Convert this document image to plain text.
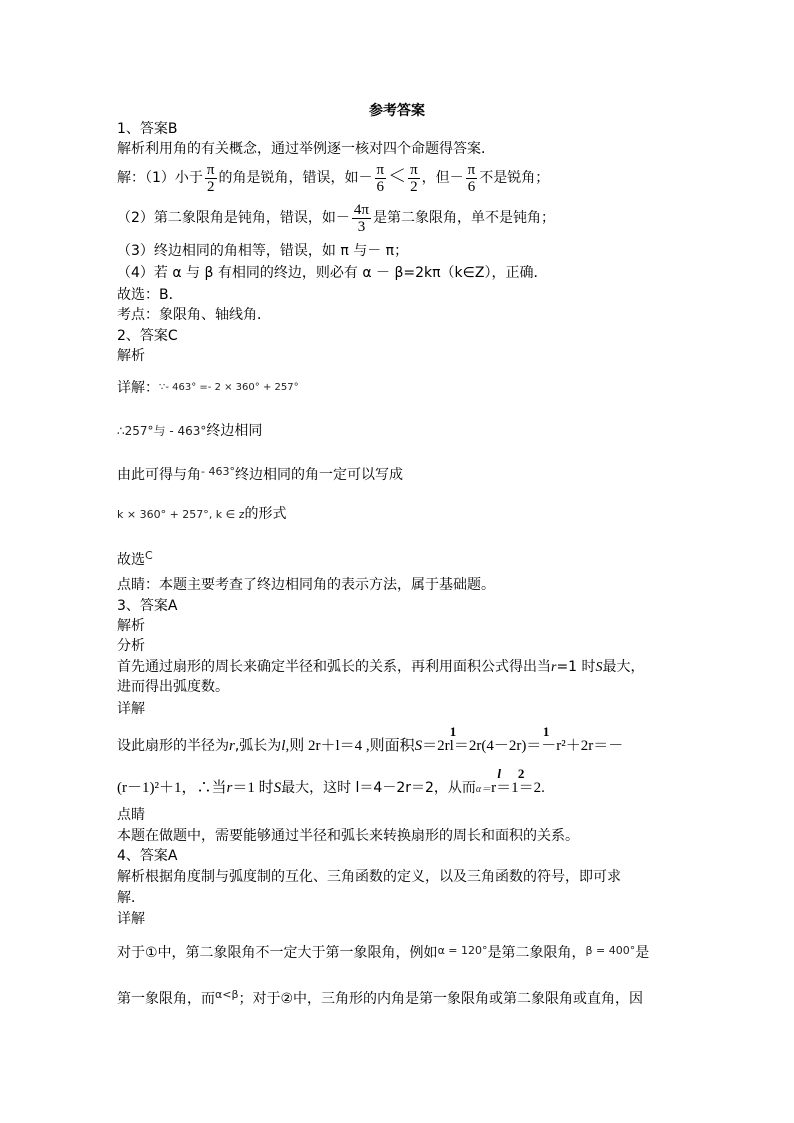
参考答案
1、答案B
解析利用角的有关概念，通过举例逐一核对四个命题得答案．
解：（1）小于 $\frac{\pi}{2}$ 的角是锐角，错误，如－ $\frac{\pi}{6} < \frac{\pi}{2}$ ，但－ $\frac{\pi}{6}$ 不是锐角；
（2）第二象限角是钝角，错误，如－ $\frac{4\pi}{3}$ 是第二象限角，单不是钝角；
（3）终边相同的角相等，错误，如 π 与－ π；
（4）若 α 与 β 有相同的终边，则必有 α － β=2kπ（k∈Z），正确．
故选：B．
考点：象限角、轴线角．
2、答案C
解析
详解：∵- 463° =- 2 × 360° + 257°
∴257°与 - 463°终边相同
由此可得与角$^{- 463^\circ}$终边相同的角一定可以写成
k × 360° + 257°, k ∈ z的形式
故选$^C$
点睛：本题主要考查了终边相同角的表示方法，属于基础题。
3、答案A
解析
分析
首先通过扇形的周长来确定半径和弧长的关系，再利用面积公式得出当r=1 时S最大，
进而得出弧度数。
详解
设此扇形的半径为r,弧长为l,则 2r＋l＝4 ,则面积S＝
1
2rl＝
1
2r(4－2r)＝－r²＋2r＝－
(r－1)²＋1，∴当r＝1 时S最大，这时 l＝4－2r＝2，从而α＝
l 2
r＝1＝2.
点睛
本题在做题中，需要能够通过半径和弧长来转换扇形的周长和面积的关系。
4、答案A
解析根据角度制与弧度制的互化、三角函数的定义，以及三角函数的符号，即可求
解．
详解
对于①中，第二象限角不一定大于第一象限角，例如$^{\alpha = 120^\circ}$是第二象限角，$^{\beta = 400^\circ}$是
第一象限角，而$^{\alpha<\beta}$；对于②中，三角形的内角是第一象限角或第二象限角或直角，因
